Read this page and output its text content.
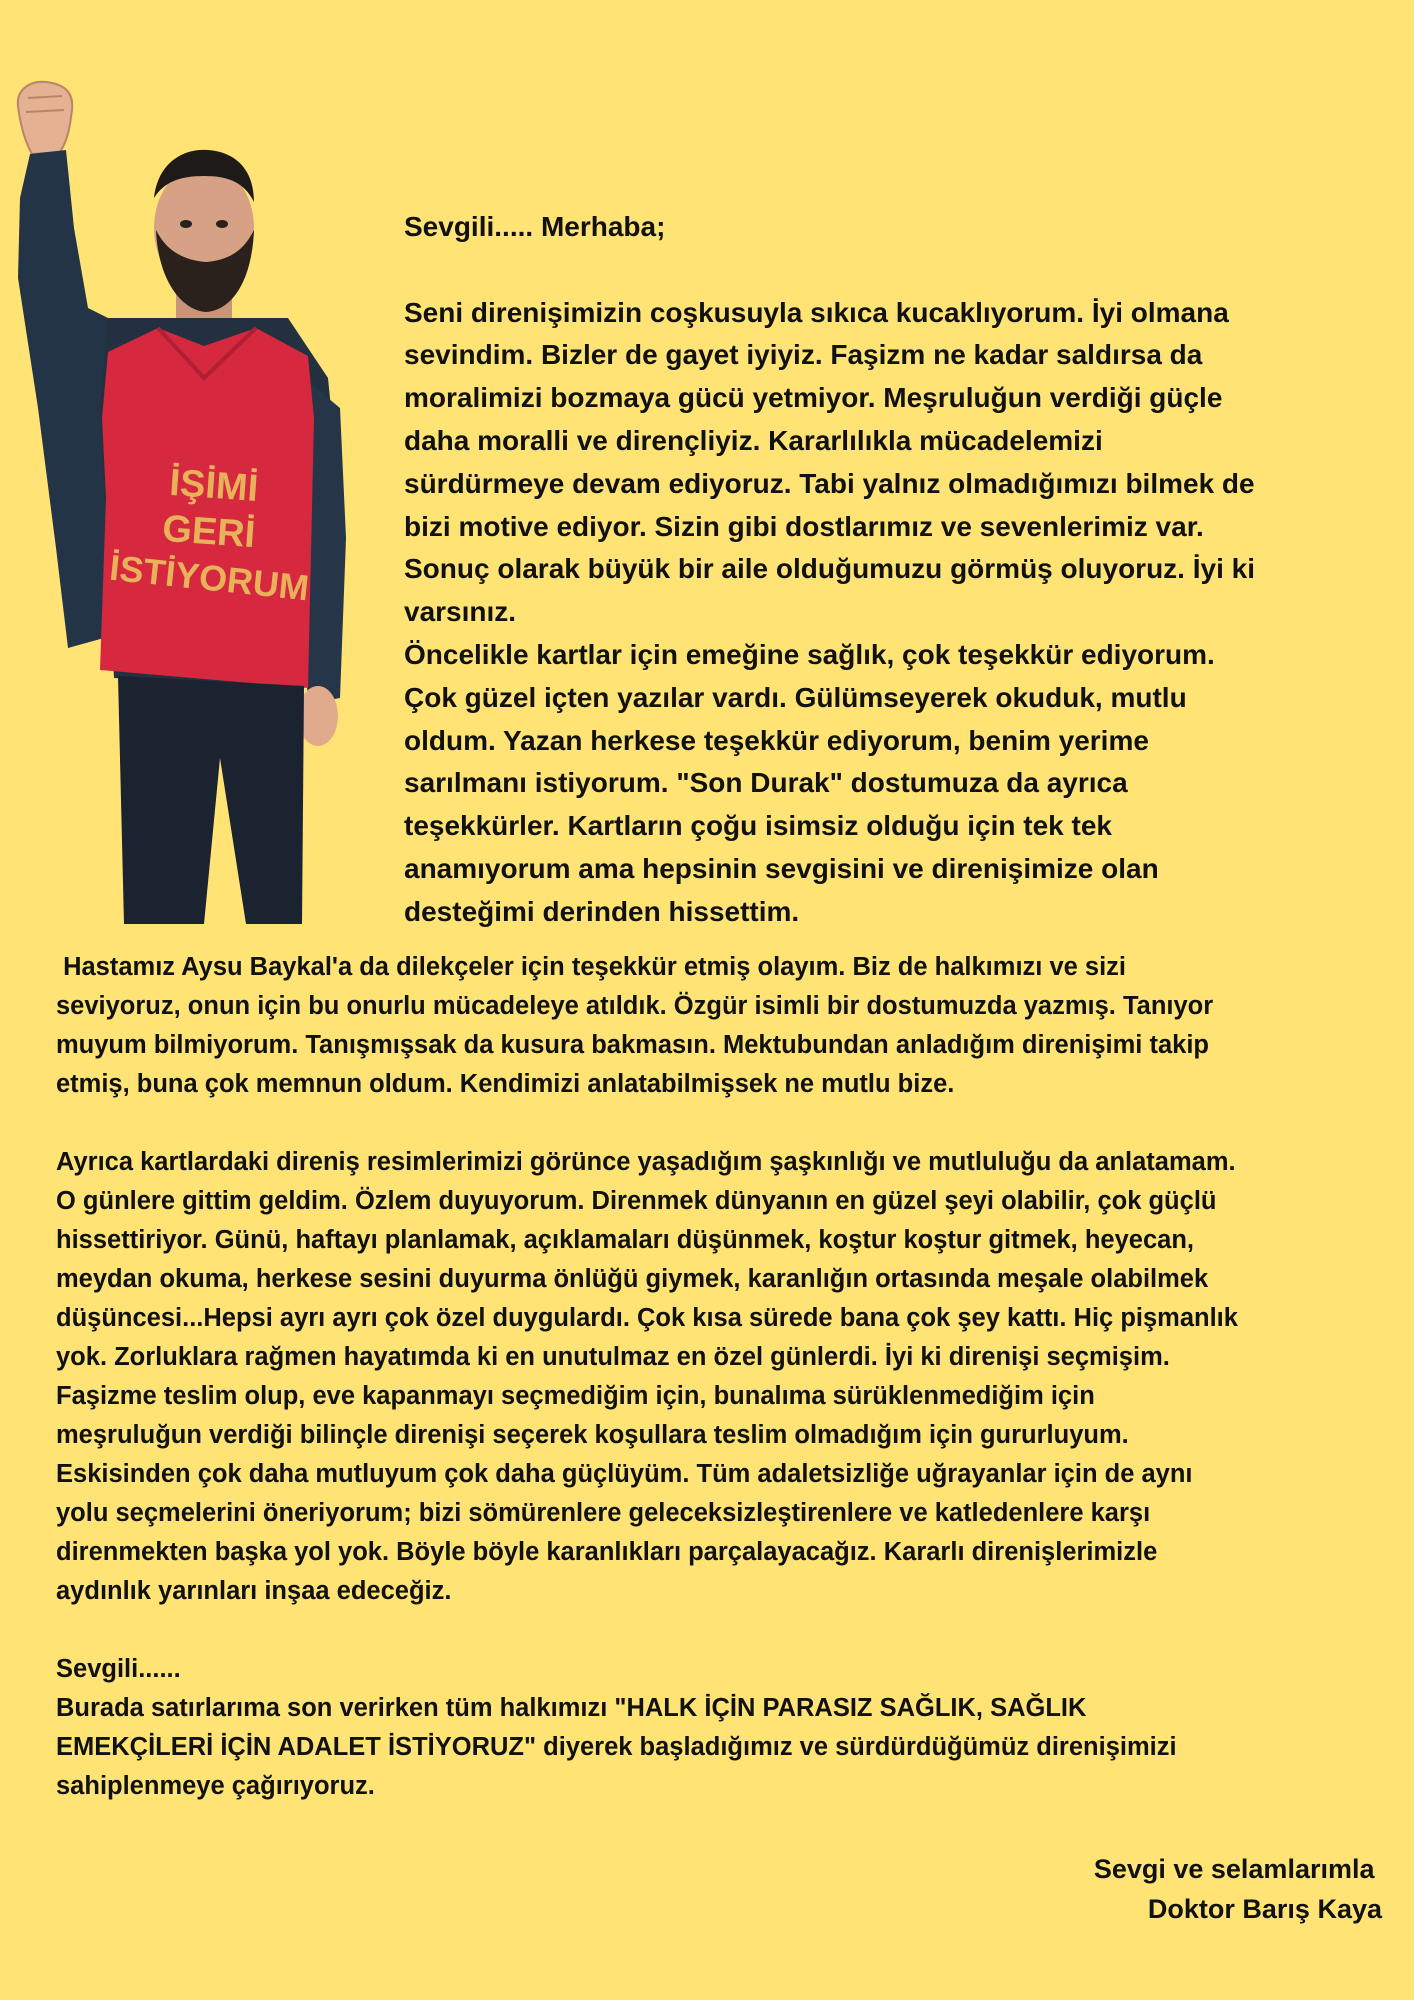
İŞİMİ
GERİ
İSTİYORUM

Sevgili..... Merhaba;

Seni direnişimizin coşkusuyla sıkıca kucaklıyorum. İyi olmana

sevindim. Bizler de gayet iyiyiz. Faşizm ne kadar saldırsa da

moralimizi bozmaya gücü yetmiyor. Meşruluğun verdiği güçle

daha moralli ve dirençliyiz. Kararlılıkla mücadelemizi

sürdürmeye devam ediyoruz. Tabi yalnız olmadığımızı bilmek de

bizi motive ediyor. Sizin gibi dostlarımız ve sevenlerimiz var.

Sonuç olarak büyük bir aile olduğumuzu görmüş oluyoruz. İyi ki

varsınız.

Öncelikle kartlar için emeğine sağlık, çok teşekkür ediyorum.

Çok güzel içten yazılar vardı. Gülümseyerek okuduk, mutlu

oldum. Yazan herkese teşekkür ediyorum, benim yerime

sarılmanı istiyorum. "Son Durak" dostumuza da ayrıca

teşekkürler. Kartların çoğu isimsiz olduğu için tek tek

anamıyorum ama hepsinin sevgisini ve direnişimize olan

desteğimi derinden hissettim.

Hastamız Aysu Baykal'a da dilekçeler için teşekkür etmiş olayım. Biz de halkımızı ve sizi

seviyoruz, onun için bu onurlu mücadeleye atıldık. Özgür isimli bir dostumuzda yazmış. Tanıyor

muyum bilmiyorum. Tanışmışsak da kusura bakmasın. Mektubundan anladığım direnişimi takip

etmiş, buna çok memnun oldum. Kendimizi anlatabilmişsek ne mutlu bize.

Ayrıca kartlardaki direniş resimlerimizi görünce yaşadığım şaşkınlığı ve mutluluğu da anlatamam.

O günlere gittim geldim. Özlem duyuyorum. Direnmek dünyanın en güzel şeyi olabilir, çok güçlü

hissettiriyor. Günü, haftayı planlamak, açıklamaları düşünmek, koştur koştur gitmek, heyecan,

meydan okuma, herkese sesini duyurma önlüğü giymek, karanlığın ortasında meşale olabilmek

düşüncesi...Hepsi ayrı ayrı çok özel duygulardı. Çok kısa sürede bana çok şey kattı. Hiç pişmanlık

yok. Zorluklara rağmen hayatımda ki en unutulmaz en özel günlerdi. İyi ki direnişi seçmişim.

Faşizme teslim olup, eve kapanmayı seçmediğim için, bunalıma sürüklenmediğim için

meşruluğun verdiği bilinçle direnişi seçerek koşullara teslim olmadığım için gururluyum.

Eskisinden çok daha mutluyum çok daha güçlüyüm. Tüm adaletsizliğe uğrayanlar için de aynı

yolu seçmelerini öneriyorum; bizi sömürenlere geleceksizleştirenlere ve katledenlere karşı

direnmekten başka yol yok. Böyle böyle karanlıkları parçalayacağız. Kararlı direnişlerimizle

aydınlık yarınları inşaa edeceğiz.

Sevgili......

Burada satırlarıma son verirken tüm halkımızı "HALK İÇİN PARASIZ SAĞLIK, SAĞLIK

EMEKÇİLERİ İÇİN ADALET İSTİYORUZ" diyerek başladığımız ve sürdürdüğümüz direnişimizi

sahiplenmeye çağırıyoruz.

Sevgi ve selamlarımla

Doktor Barış Kaya
